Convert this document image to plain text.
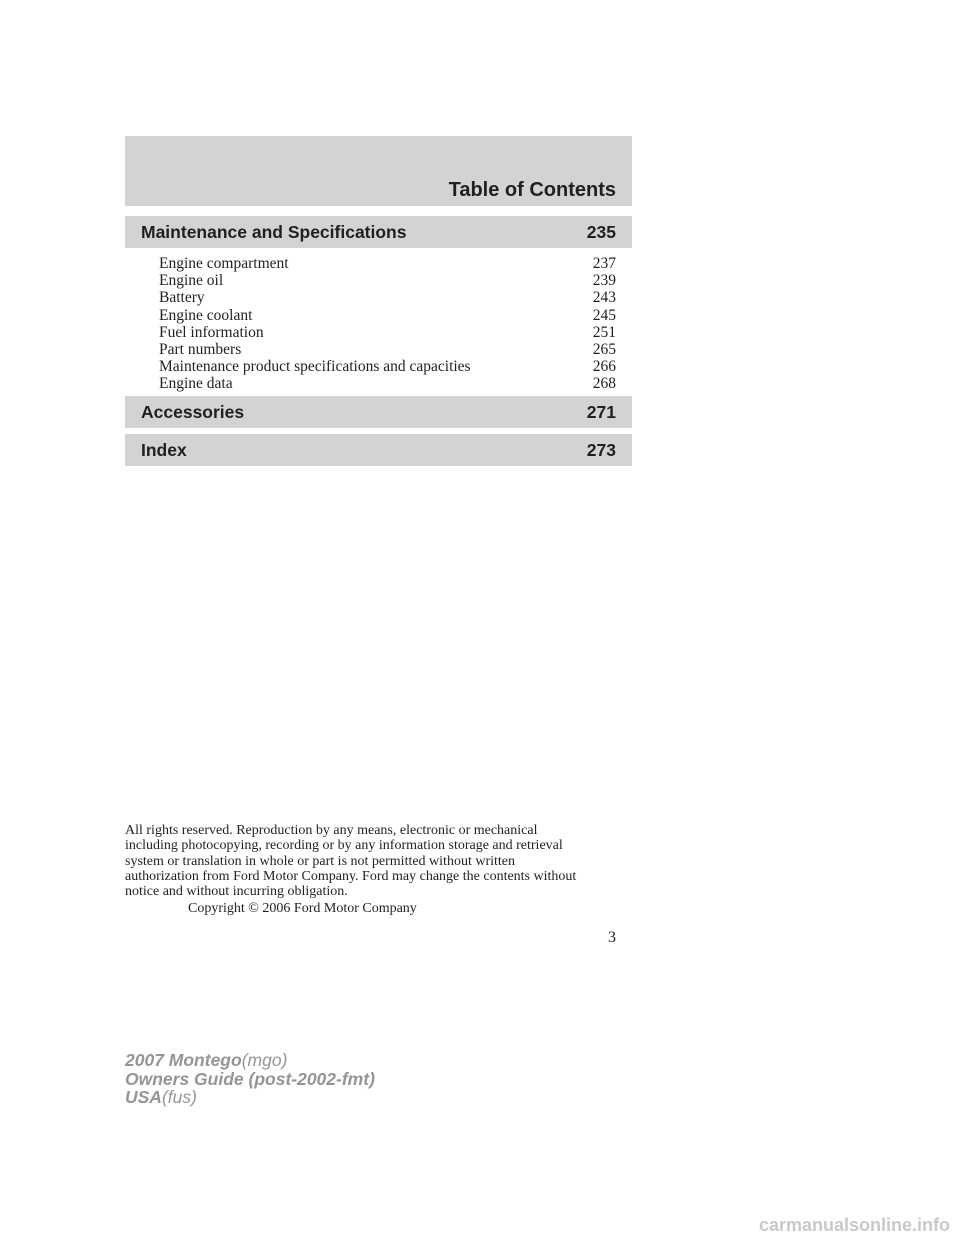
Table of Contents
Maintenance and Specifications	235
Engine compartment	237
Engine oil	239
Battery	243
Engine coolant	245
Fuel information	251
Part numbers	265
Maintenance product specifications and capacities	266
Engine data	268
Accessories	271
Index	273
All rights reserved. Reproduction by any means, electronic or mechanical
including photocopying, recording or by any information storage and retrieval
system or translation in whole or part is not permitted without written
authorization from Ford Motor Company. Ford may change the contents without
notice and without incurring obligation.
Copyright © 2006 Ford Motor Company
3
2007 Montego(mgo)
Owners Guide (post-2002-fmt)
USA(fus)
carmanualsonline.info
